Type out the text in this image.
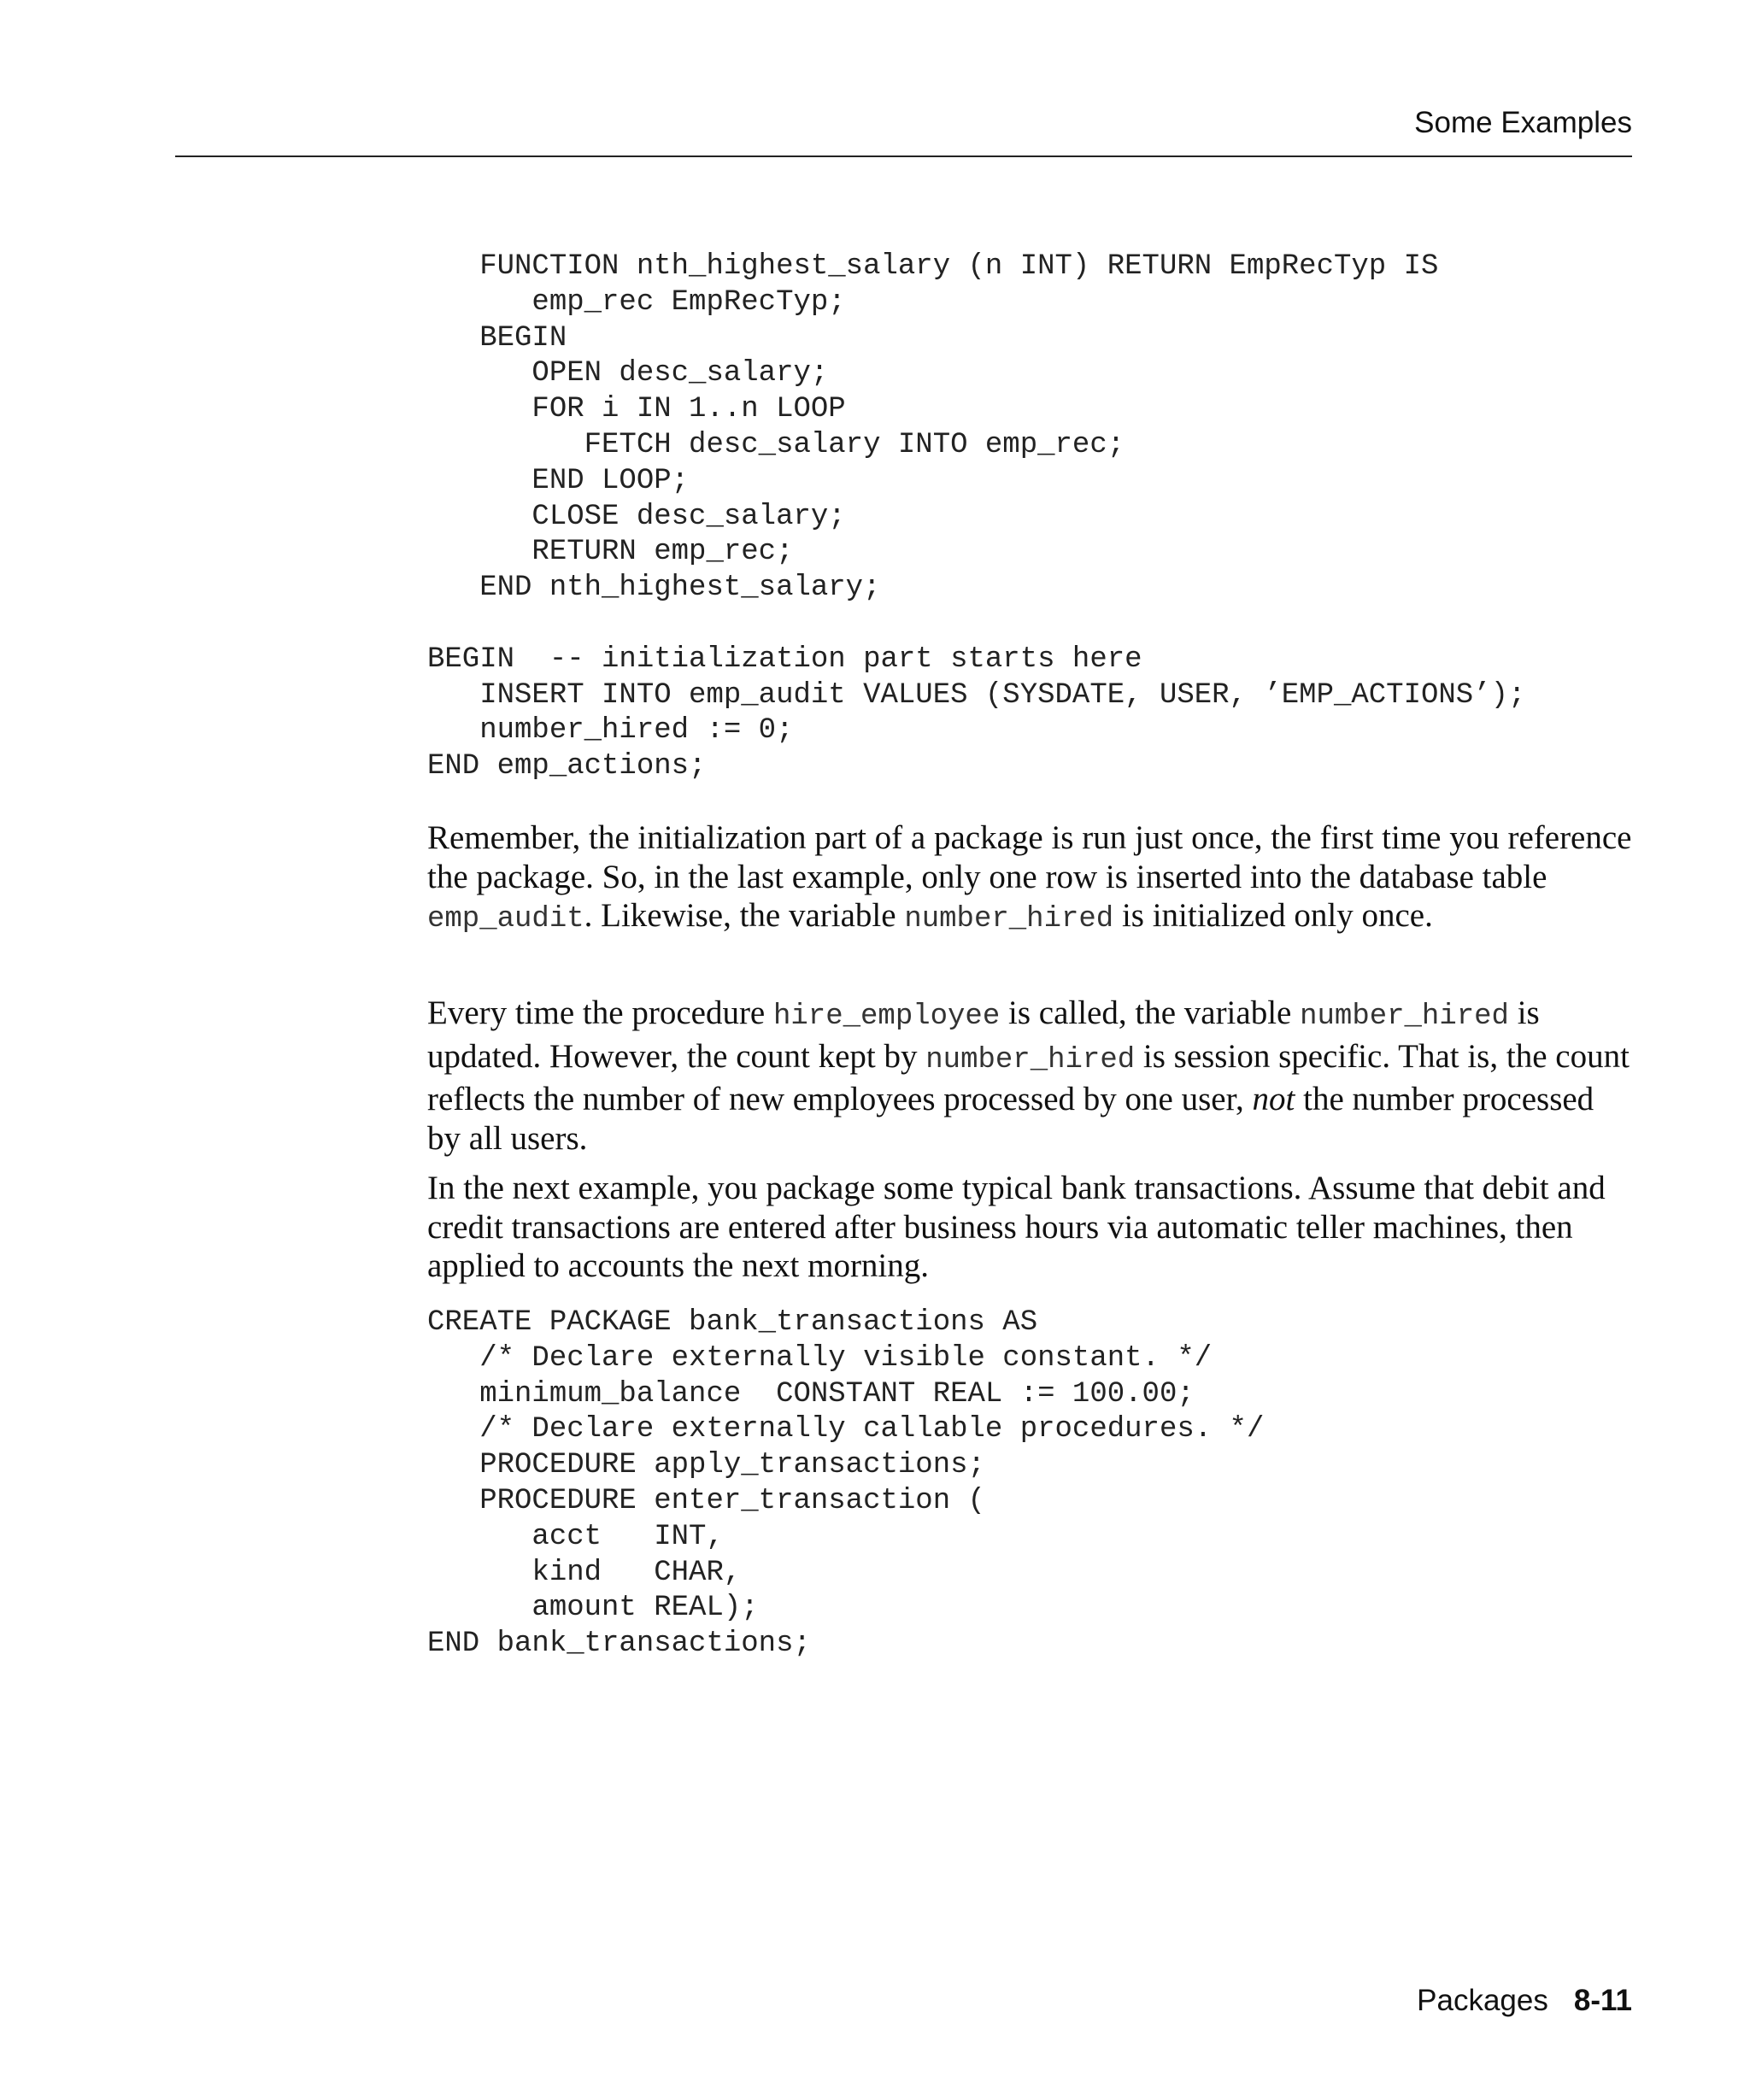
Some Examples
FUNCTION nth_highest_salary (n INT) RETURN EmpRecTyp IS
emp_rec EmpRecTyp;
BEGIN
OPEN desc_salary;
FOR i IN 1..n LOOP
FETCH desc_salary INTO emp_rec;
END LOOP;
CLOSE desc_salary;
RETURN emp_rec;
END nth_highest_salary;

BEGIN  -- initialization part starts here
INSERT INTO emp_audit VALUES (SYSDATE, USER, ’EMP_ACTIONS’);
number_hired := 0;
END emp_actions;

Remember, the initialization part of a package is run just once, the first time you reference the package. So, in the last example, only one row is inserted into the database table emp_audit. Likewise, the variable number_hired is initialized only once.

Every time the procedure hire_employee is called, the variable number_hired is updated. However, the count kept by number_hired is session specific. That is, the count reflects the number of new employees processed by one user, not the number processed by all users.

In the next example, you package some typical bank transactions. Assume that debit and credit transactions are entered after business hours via automatic teller machines, then applied to accounts the next morning.

CREATE PACKAGE bank_transactions AS
/* Declare externally visible constant. */
minimum_balance  CONSTANT REAL := 100.00;
/* Declare externally callable procedures. */
PROCEDURE apply_transactions;
PROCEDURE enter_transaction (
acct   INT,
kind   CHAR,
amount REAL);
END bank_transactions;
Packages 8-11
